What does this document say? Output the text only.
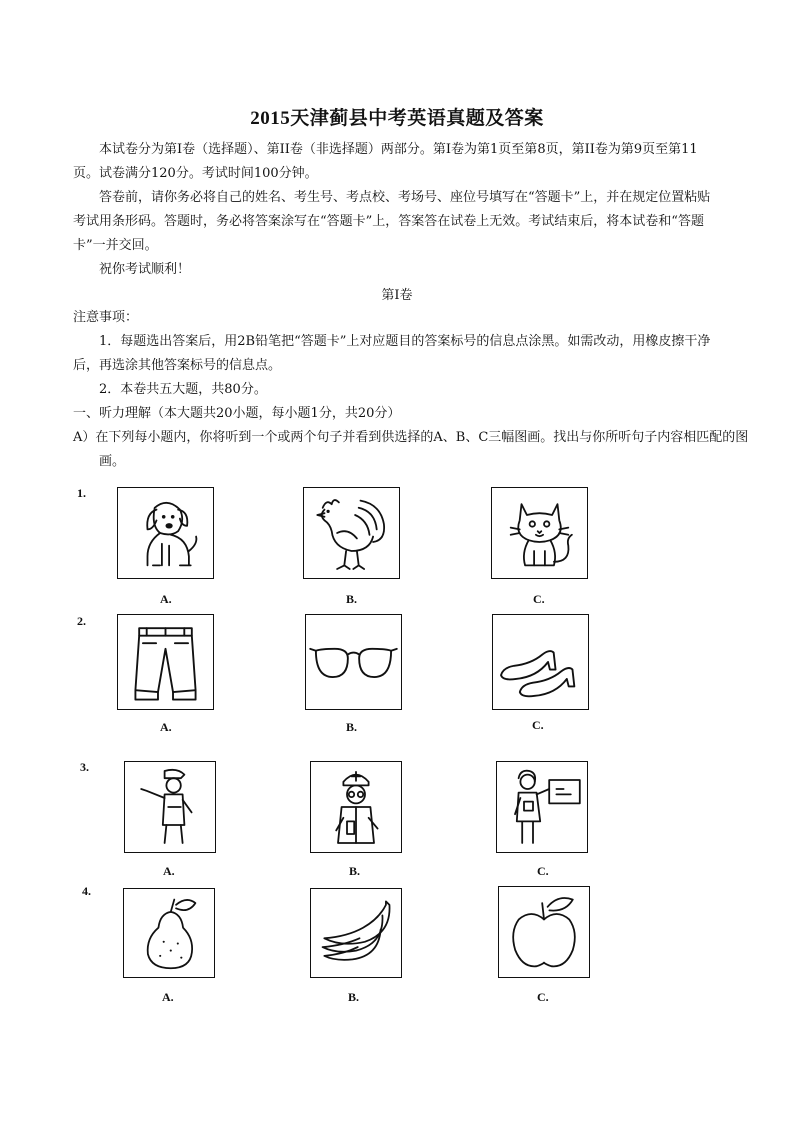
2015天津蓟县中考英语真题及答案
本试卷分为第Ⅰ卷（选择题）、第II卷（非选择题）两部分。第Ⅰ卷为第1页至第8页，第II卷为第9页至第11页。试卷满分120分。考试时间100分钟。
答卷前，请你务必将自己的姓名、考生号、考点校、考场号、座位号填写在“答题卡”上，并在规定位置粘贴考试用条形码。答题时，务必将答案涂写在“答题卡”上，答案答在试卷上无效。考试结束后，将本试卷和“答题卡”一并交回。
祝你考试顺利！
第Ⅰ卷
注意事项：
1．每题选出答案后，用2B铅笔把“答题卡”上对应题目的答案标号的信息点涂黑。如需改动，用橡皮擦干净后，再选涂其他答案标号的信息点。
2．本卷共五大题，共80分。
一、听力理解（本大题共20小题，每小题1分，共20分）
A）在下列每小题内，你将听到一个或两个句子并看到供选择的A、B、C三幅图画。找出与你所听句子内容相匹配的图画。
1.
A.	B.	C.
2.
A.	B.	C.
3.
A.	B.	C.
4.
A.	B.	C.
